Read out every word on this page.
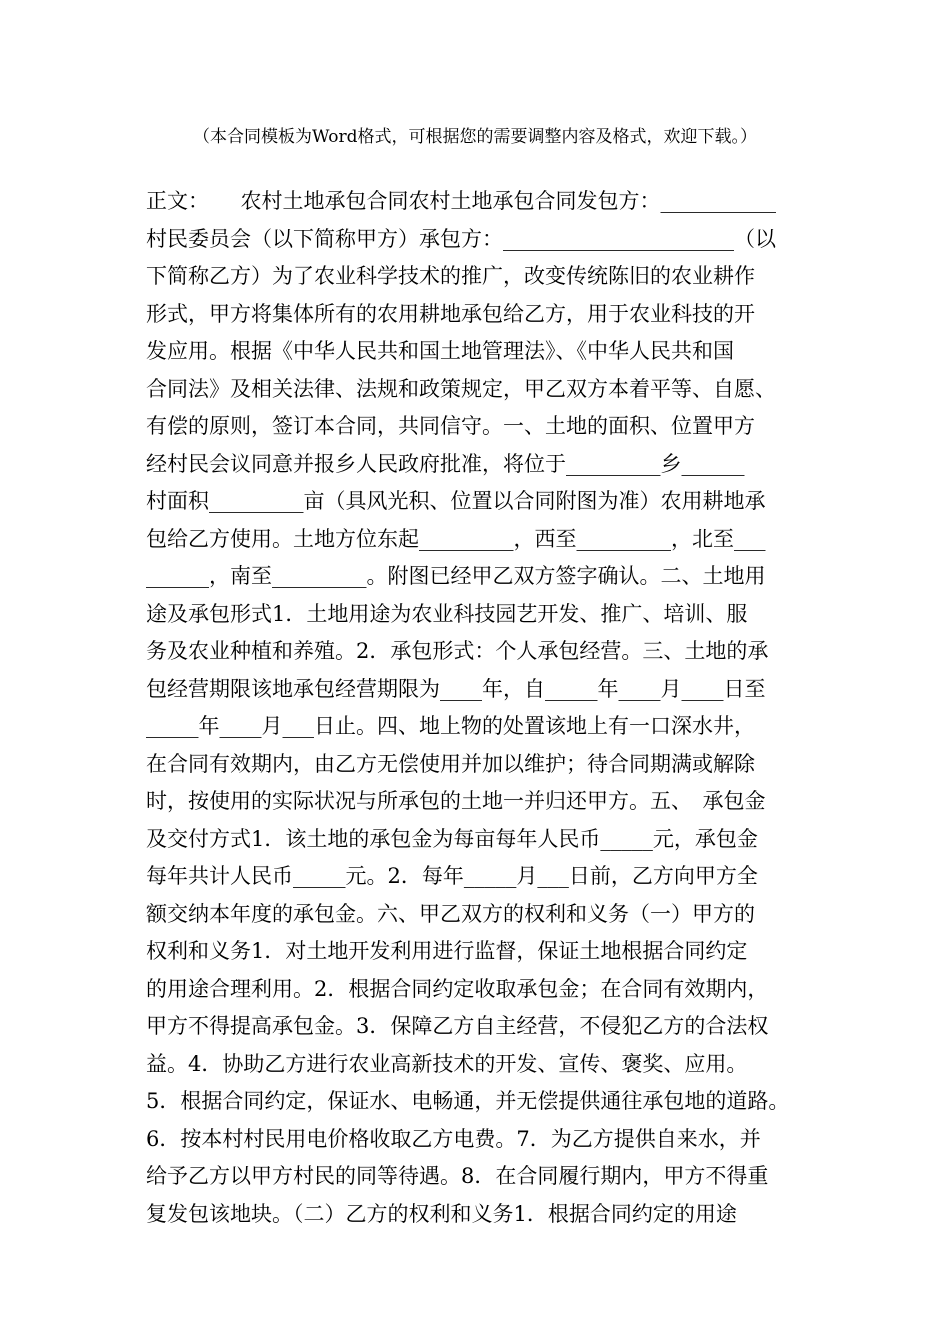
（本合同模板为Word格式，可根据您的需要调整内容及格式，欢迎下载。）
正文：　　农村土地承包合同农村土地承包合同发包方：___________
村民委员会（以下简称甲方）承包方：______________________（以
下简称乙方）为了农业科学技术的推广，改变传统陈旧的农业耕作
形式，甲方将集体所有的农用耕地承包给乙方，用于农业科技的开
发应用。根据《中华人民共和国土地管理法》、《中华人民共和国
合同法》及相关法律、法规和政策规定，甲乙双方本着平等、自愿、
有偿的原则，签订本合同，共同信守。一、土地的面积、位置甲方
经村民会议同意并报乡人民政府批准，将位于_________乡______
村面积_________亩（具风光积、位置以合同附图为准）农用耕地承
包给乙方使用。土地方位东起_________，西至_________，北至___
______，南至_________。附图已经甲乙双方签字确认。二、土地用
途及承包形式1．土地用途为农业科技园艺开发、推广、培训、服
务及农业种植和养殖。2．承包形式：个人承包经营。三、土地的承
包经营期限该地承包经营期限为____年，自_____年____月____日至
_____年____月___日止。四、地上物的处置该地上有一口深水井，
在合同有效期内，由乙方无偿使用并加以维护；待合同期满或解除
时，按使用的实际状况与所承包的土地一并归还甲方。五、　承包金
及交付方式1．该土地的承包金为每亩每年人民币_____元，承包金
每年共计人民币_____元。2．每年_____月___日前，乙方向甲方全
额交纳本年度的承包金。六、甲乙双方的权利和义务（一）甲方的
权利和义务1．对土地开发利用进行监督，保证土地根据合同约定
的用途合理利用。2．根据合同约定收取承包金；在合同有效期内，
甲方不得提高承包金。3．保障乙方自主经营，不侵犯乙方的合法权
益。4．协助乙方进行农业高新技术的开发、宣传、褒奖、应用。
5．根据合同约定，保证水、电畅通，并无偿提供通往承包地的道路。
6．按本村村民用电价格收取乙方电费。7．为乙方提供自来水，并
给予乙方以甲方村民的同等待遇。8．在合同履行期内，甲方不得重
复发包该地块。（二）乙方的权利和义务1．根据合同约定的用途
